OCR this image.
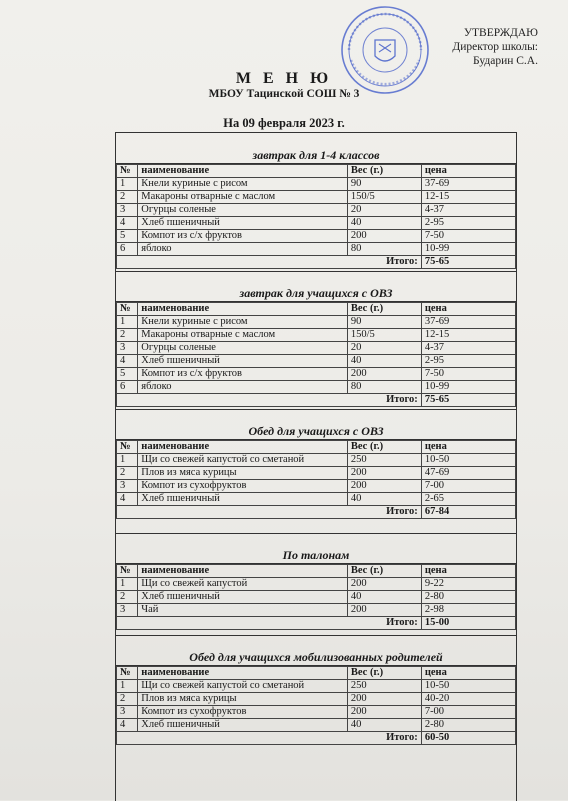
УТВЕРЖДАЮ
Директор школы:
Бударин С.А.
М Е Н Ю
МБОУ Тацинской СОШ № 3
На 09 февраля 2023 г.
завтрак для 1-4 классов
№	наименование	Вес (г.)	цена
1	Кнели куриные с рисом	90	37-69
2	Макароны отварные с маслом	150/5	12-15
3	Огурцы соленые	20	4-37
4	Хлеб пшеничный	40	2-95
5	Компот из с/х фруктов	200	7-50
6	яблоко	80	10-99
Итого:			75-65
завтрак для учащихся с ОВЗ
№	наименование	Вес (г.)	цена
1	Кнели куриные с рисом	90	37-69
2	Макароны отварные с маслом	150/5	12-15
3	Огурцы соленые	20	4-37
4	Хлеб пшеничный	40	2-95
5	Компот из с/х фруктов	200	7-50
6	яблоко	80	10-99
Итого:			75-65
Обед для учащихся с ОВЗ
№	наименование	Вес (г.)	цена
1	Щи со свежей капустой со сметаной	250	10-50
2	Плов из мяса курицы	200	47-69
3	Компот из сухофруктов	200	7-00
4	Хлеб пшеничный	40	2-65
Итого:			67-84
По талонам
№	наименование	Вес (г.)	цена
1	Щи со свежей капустой	200	9-22
2	Хлеб пшеничный	40	2-80
3	Чай	200	2-98
Итого:			15-00
Обед для учащихся мобилизованных родителей
№	наименование	Вес (г.)	цена
1	Щи со свежей капустой со сметаной	250	10-50
2	Плов из мяса курицы	200	40-20
3	Компот из сухофруктов	200	7-00
4	Хлеб пшеничный	40	2-80
Итого:			60-50
